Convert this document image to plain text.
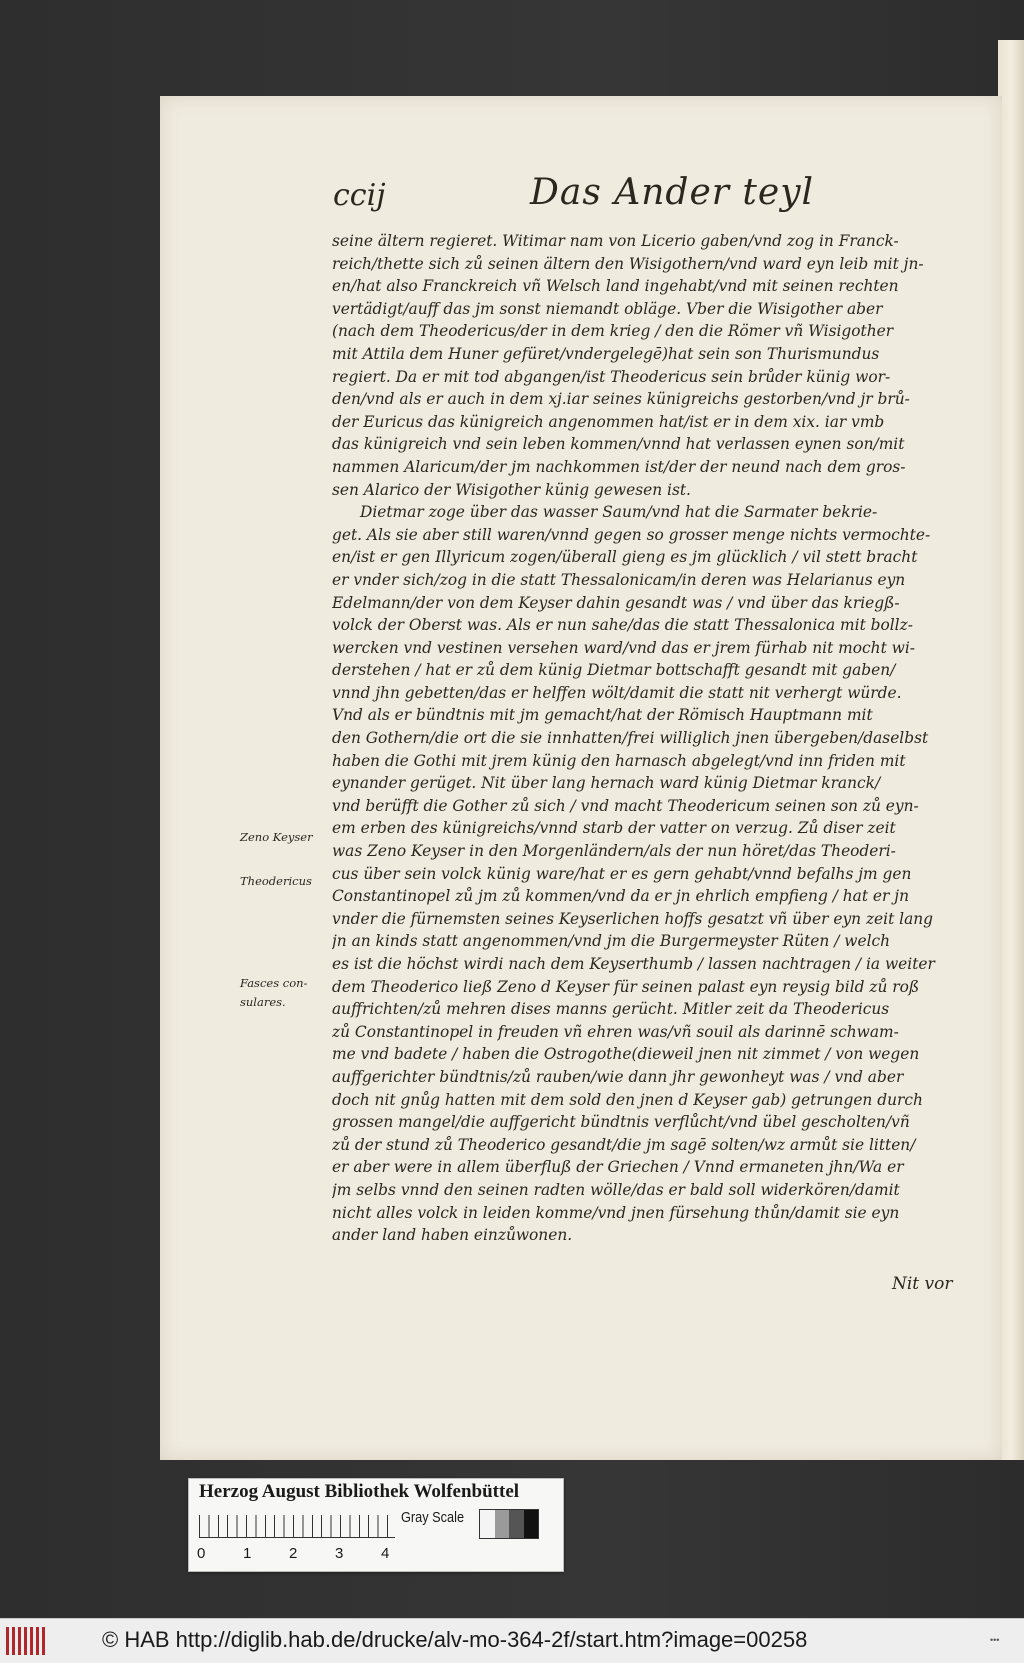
ccij	Das Ander teyl
seine ältern regieret. Witimar nam von Licerio gaben/vnd zog in Franck-
reich/thette sich zů seinen ältern den Wisigothern/vnd ward eyn leib mit jn-
en/hat also Franckreich vñ Welsch land ingehabt/vnd mit seinen rechten
vertädigt/auff das jm sonst niemandt obläge. Vber die Wisigother aber
(nach dem Theodericus/der in dem krieg / den die Römer vñ Wisigother
mit Attila dem Huner gefüret/vndergelegē)hat sein son Thurismundus
regiert. Da er mit tod abgangen/ist Theodericus sein brůder künig wor-
den/vnd als er auch in dem xj.iar seines künigreichs gestorben/vnd jr brů-
der Euricus das künigreich angenommen hat/ist er in dem xix. iar vmb
das künigreich vnd sein leben kommen/vnnd hat verlassen eynen son/mit
nammen Alaricum/der jm nachkommen ist/der der neund nach dem gros-
sen Alarico der Wisigother künig gewesen ist.
Dietmar zoge über das wasser Saum/vnd hat die Sarmater bekrie-
get. Als sie aber still waren/vnnd gegen so grosser menge nichts vermochte-
en/ist er gen Illyricum zogen/überall gieng es jm glücklich / vil stett bracht
er vnder sich/zog in die statt Thessalonicam/in deren was Helarianus eyn
Edelmann/der von dem Keyser dahin gesandt was / vnd über das kriegß-
volck der Oberst was. Als er nun sahe/das die statt Thessalonica mit bollz-
wercken vnd vestinen versehen ward/vnd das er jrem fürhab nit mocht wi-
derstehen / hat er zů dem künig Dietmar bottschafft gesandt mit gaben/
vnnd jhn gebetten/das er helffen wölt/damit die statt nit verhergt würde.
Vnd als er bündtnis mit jm gemacht/hat der Römisch Hauptmann mit
den Gothern/die ort die sie innhatten/frei williglich jnen übergeben/daselbst
haben die Gothi mit jrem künig den harnasch abgelegt/vnd inn friden mit
eynander gerüget. Nit über lang hernach ward künig Dietmar kranck/
vnd berüfft die Gother zů sich / vnd macht Theodericum seinen son zů eyn-
em erben des künigreichs/vnnd starb der vatter on verzug. Zů diser zeit
was Zeno Keyser in den Morgenländern/als der nun höret/das Theoderi-
cus über sein volck künig ware/hat er es gern gehabt/vnnd befalhs jm gen
Constantinopel zů jm zů kommen/vnd da er jn ehrlich empfieng / hat er jn
vnder die fürnemsten seines Keyserlichen hoffs gesatzt vñ über eyn zeit lang
jn an kinds statt angenommen/vnd jm die Burgermeyster Rüten / welch
es ist die höchst wirdi nach dem Keyserthumb / lassen nachtragen / ia weiter
dem Theoderico ließ Zeno d Keyser für seinen palast eyn reysig bild zů roß
auffrichten/zů mehren dises manns gerücht. Mitler zeit da Theodericus
zů Constantinopel in freuden vñ ehren was/vñ souil als darinnē schwam-
me vnd badete / haben die Ostrogothe(dieweil jnen nit zimmet / von wegen
auffgerichter bündtnis/zů rauben/wie dann jhr gewonheyt was / vnd aber
doch nit gnůg hatten mit dem sold den jnen d Keyser gab) getrungen durch
grossen mangel/die auffgericht bündtnis verflůcht/vnd übel gescholten/vñ
zů der stund zů Theoderico gesandt/die jm sagē solten/wz armůt sie litten/
er aber were in allem überfluß der Griechen / Vnnd ermaneten jhn/Wa er
jm selbs vnnd den seinen radten wölle/das er bald soll widerkören/damit
nicht alles volck in leiden komme/vnd jnen fürsehung thůn/damit sie eyn
ander land haben einzůwonen.
Zeno Keyser
Theodericus
Fasces con-
sulares.
Nit vor
Herzog August Bibliothek Wolfenbüttel
0	1	2	3	4
Gray Scale
© HAB http://diglib.hab.de/drucke/alv-mo-364-2f/start.htm?image=00258	•••
